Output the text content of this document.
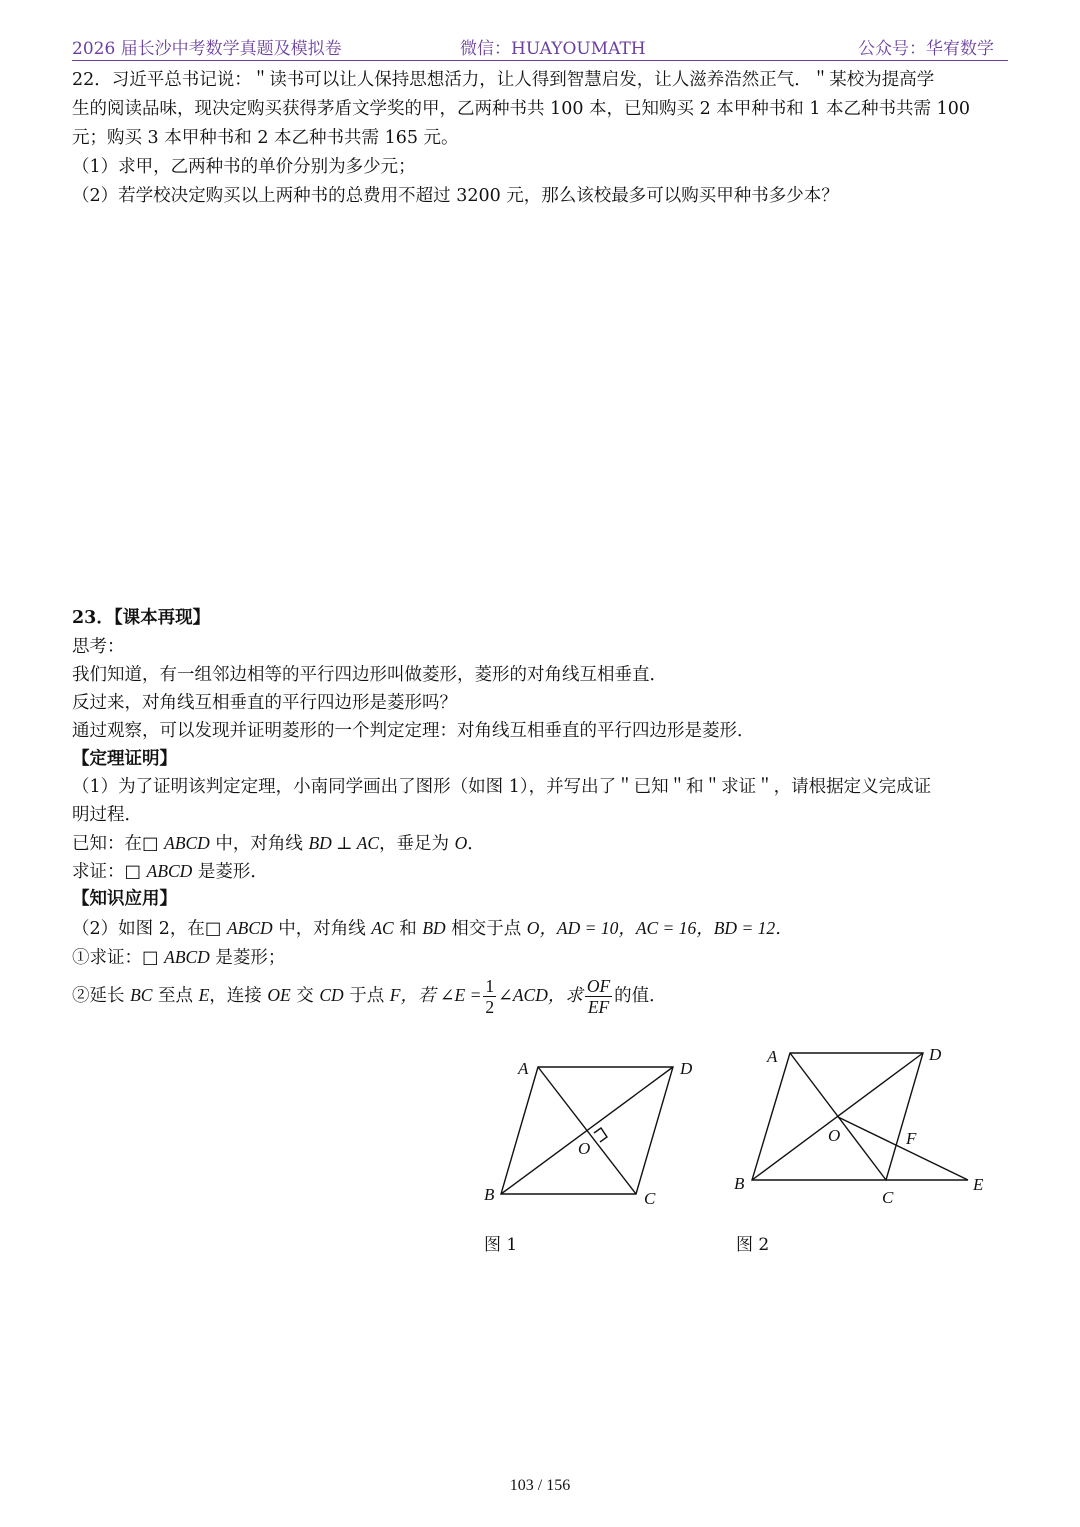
2026 届长沙中考数学真题及模拟卷	微信：HUAYOUMATH	公众号：华宥数学
22．习近平总书记说：＂读书可以让人保持思想活力，让人得到智慧启发，让人滋养浩然正气．＂某校为提高学
生的阅读品味，现决定购买获得茅盾文学奖的甲，乙两种书共 100 本，已知购买 2 本甲种书和 1 本乙种书共需 100
元；购买 3 本甲种书和 2 本乙种书共需 165 元。
（1）求甲，乙两种书的单价分别为多少元；
（2）若学校决定购买以上两种书的总费用不超过 3200 元，那么该校最多可以购买甲种书多少本？
23．【课本再现】
思考：
我们知道，有一组邻边相等的平行四边形叫做菱形，菱形的对角线互相垂直．
反过来，对角线互相垂直的平行四边形是菱形吗？
通过观察，可以发现并证明菱形的一个判定定理：对角线互相垂直的平行四边形是菱形．
【定理证明】
（1）为了证明该判定定理，小南同学画出了图形（如图 1），并写出了＂已知＂和＂求证＂，请根据定义完成证
明过程．
已知：在□ ABCD 中，对角线 BD ⊥ AC，垂足为 O．
求证：□ ABCD 是菱形．
【知识应用】
（2）如图 2，在□ ABCD 中，对角线 AC 和 BD 相交于点 O，AD = 10，AC = 16，BD = 12．
①求证：□ ABCD 是菱形；
②延长 BC 至点 E，连接 OE 交 CD 于点 F，若 ∠E = $\frac{1}{2}$ ∠ACD，求 $\frac{OF}{EF}$ 的值．
A	D
O
B	C
图 1
A	D
O	F
B
C
E
图 2
103 / 156
